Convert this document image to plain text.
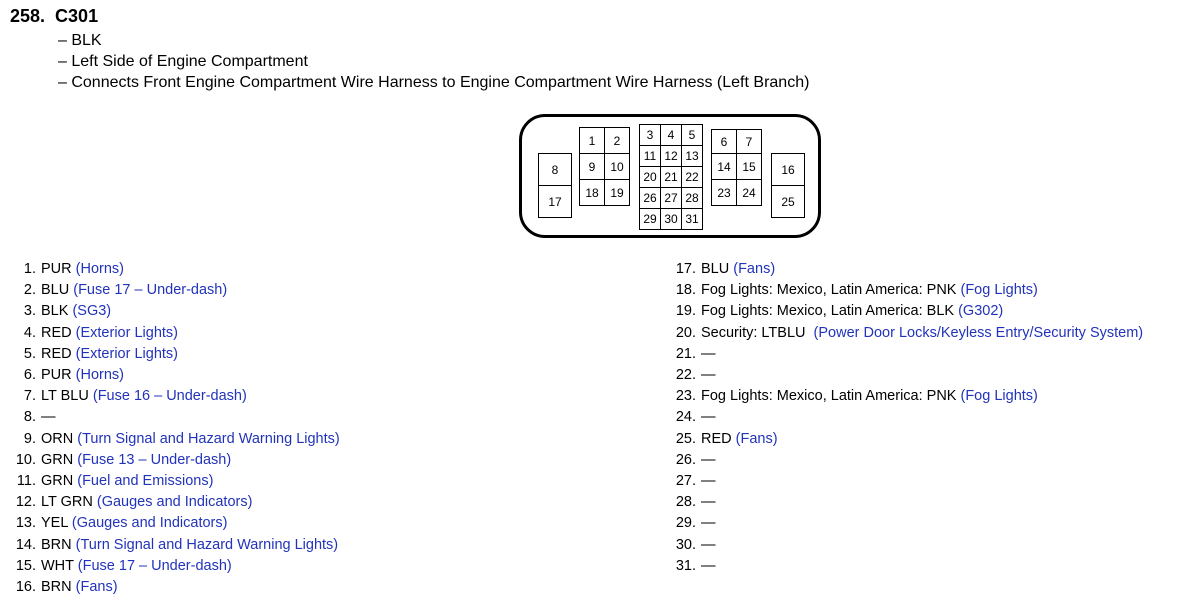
258. C301
– BLK
– Left Side of Engine Compartment
– Connects Front Engine Compartment Wire Harness to Engine Compartment Wire Harness (Left Branch)
8
17
1	2
9	10
18 19
3	4	5
11 12 13
20 21 22
26 27 28
29 30 31
6	7
14 15
23 24
16
25
1. PUR (Horns)
2. BLU (Fuse 17 – Under-dash)
3. BLK (SG3)
4. RED (Exterior Lights)
5. RED (Exterior Lights)
6. PUR (Horns)
7. LT BLU (Fuse 16 – Under-dash)
8. —
9. ORN (Turn Signal and Hazard Warning Lights)
10. GRN (Fuse 13 – Under-dash)
11. GRN (Fuel and Emissions)
12. LT GRN (Gauges and Indicators)
13. YEL (Gauges and Indicators)
14. BRN (Turn Signal and Hazard Warning Lights)
15. WHT (Fuse 17 – Under-dash)
16. BRN (Fans)
17. BLU (Fans)
18. Fog Lights: Mexico, Latin America: PNK (Fog Lights)
19. Fog Lights: Mexico, Latin America: BLK (G302)
20. Security: LTBLU  (Power Door Locks/Keyless Entry/Security System)
21. —
22. —
23. Fog Lights: Mexico, Latin America: PNK (Fog Lights)
24. —
25. RED (Fans)
26. —
27. —
28. —
29. —
30. —
31. —
